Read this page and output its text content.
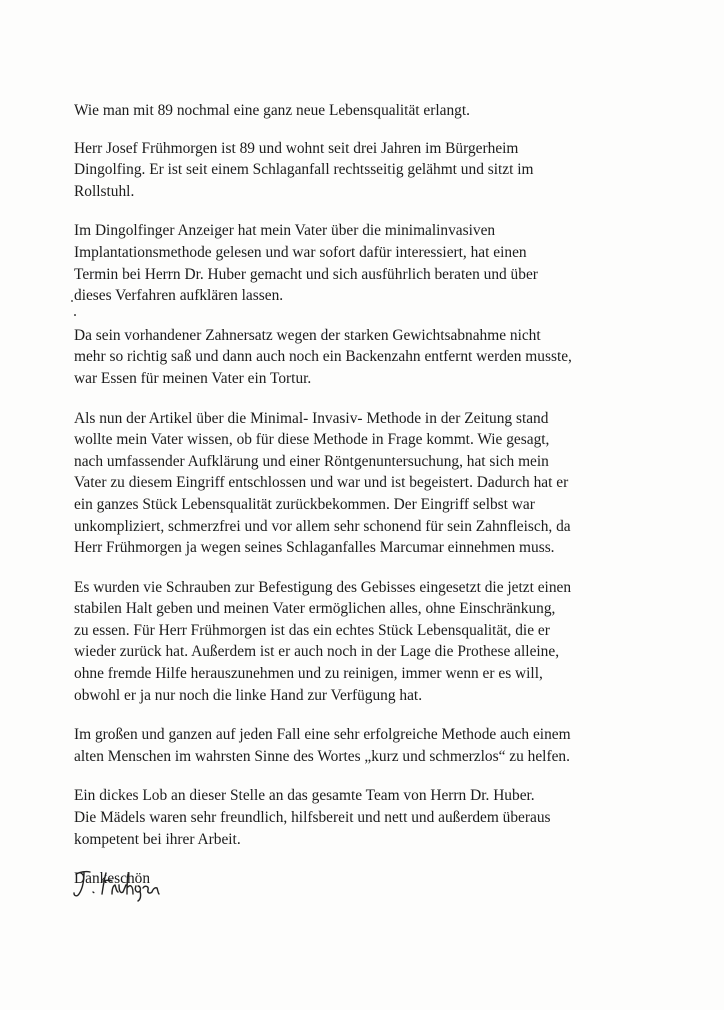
Wie man mit 89 nochmal eine ganz neue Lebensqualität erlangt.

Herr Josef Frühmorgen ist 89 und wohnt seit drei Jahren im Bürgerheim
Dingolfing. Er ist seit einem Schlaganfall rechtsseitig gelähmt und sitzt im
Rollstuhl.

Im Dingolfinger Anzeiger hat mein Vater über die minimalinvasiven
Implantationsmethode gelesen und war sofort dafür interessiert, hat einen
Termin bei Herrn Dr. Huber gemacht und sich ausführlich beraten und über
dieses Verfahren aufklären lassen.

Da sein vorhandener Zahnersatz wegen der starken Gewichtsabnahme nicht
mehr so richtig saß und dann auch noch ein Backenzahn entfernt werden musste,
war Essen für meinen Vater ein Tortur.

Als nun der Artikel über die Minimal- Invasiv- Methode in der Zeitung stand
wollte mein Vater wissen, ob für diese Methode in Frage kommt. Wie gesagt,
nach umfassender Aufklärung und einer Röntgenuntersuchung, hat sich mein
Vater zu diesem Eingriff entschlossen und war und ist begeistert. Dadurch hat er
ein ganzes Stück Lebensqualität zurückbekommen. Der Eingriff selbst war
unkompliziert, schmerzfrei und vor allem sehr schonend für sein Zahnfleisch, da
Herr Frühmorgen ja wegen seines Schlaganfalles Marcumar einnehmen muss.

Es wurden vie Schrauben zur Befestigung des Gebisses eingesetzt die jetzt einen
stabilen Halt geben und meinen Vater ermöglichen alles, ohne Einschränkung,
zu essen. Für Herr Frühmorgen ist das ein echtes Stück Lebensqualität, die er
wieder zurück hat. Außerdem ist er auch noch in der Lage die Prothese alleine,
ohne fremde Hilfe herauszunehmen und zu reinigen, immer wenn er es will,
obwohl er ja nur noch die linke Hand zur Verfügung hat.

Im großen und ganzen auf jeden Fall eine sehr erfolgreiche Methode auch einem
alten Menschen im wahrsten Sinne des Wortes „kurz und schmerzlos“ zu helfen.

Ein dickes Lob an dieser Stelle an das gesamte Team von Herrn Dr. Huber.
Die Mädels waren sehr freundlich, hilfsbereit und nett und außerdem überaus
kompetent bei ihrer Arbeit.

Dankeschön
